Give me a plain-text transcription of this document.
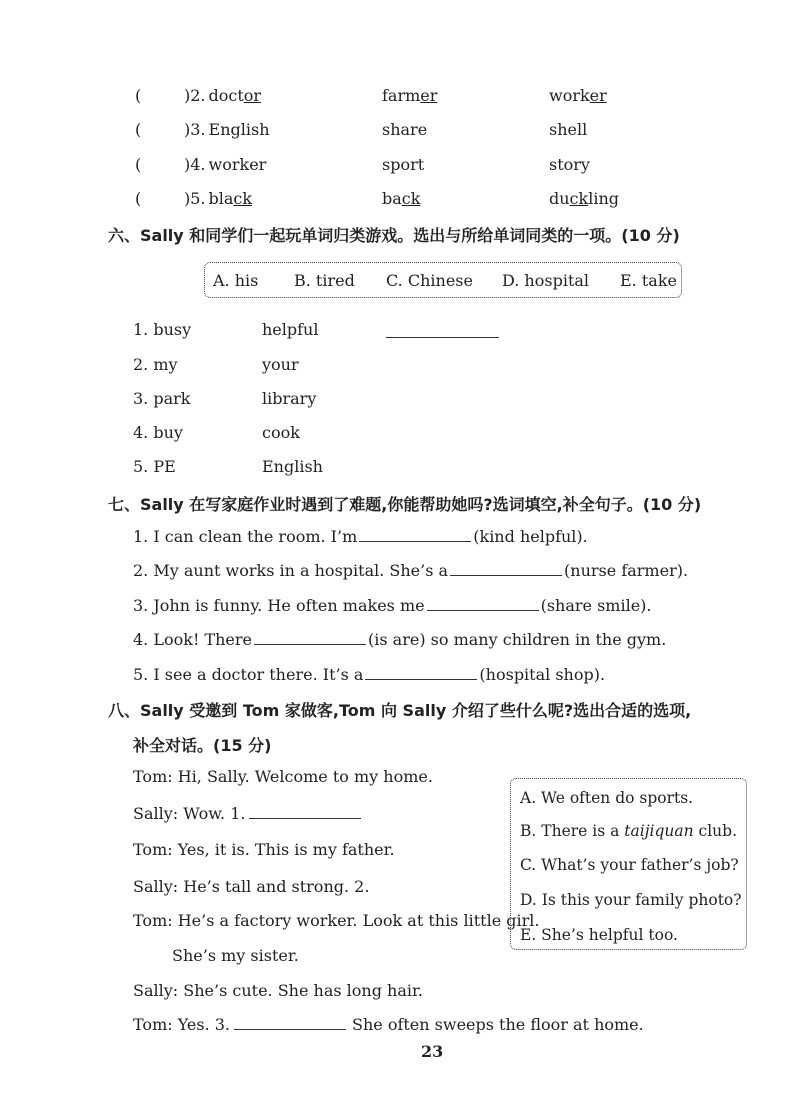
(	)2. doctor	farmer	worker
(	)3. English	share	shell
(	)4. worker	sport	story
(	)5. black	back	duckling
六、Sally 和同学们一起玩单词归类游戏。选出与所给单词同类的一项。(10 分)
A. his B. tired C. Chinese D. hospital E. take
1. busy	helpful
2. my	your
3. park	library
4. buy	cook
5. PE	English
七、Sally 在写家庭作业时遇到了难题,你能帮助她吗?选词填空,补全句子。(10 分)
1. I can clean the room. I’m	(kind helpful).
2. My aunt works in a hospital. She’s a	(nurse farmer).
3. John is funny. He often makes me	(share smile).
4. Look! There	(is are) so many children in the gym.
5. I see a doctor there. It’s a	(hospital shop).
八、Sally 受邀到 Tom 家做客,Tom 向 Sally 介绍了些什么呢?选出合适的选项,
补全对话。(15 分)
Tom: Hi, Sally. Welcome to my home.
Sally: Wow. 1.
Tom: Yes, it is. This is my father.
Sally: He’s tall and strong. 2.
Tom: He’s a factory worker. Look at this little girl.
She’s my sister.
Sally: She’s cute. She has long hair.
Tom: Yes. 3.	She often sweeps the floor at home.
A. We often do sports.
B. There is a taijiquan club.
C. What’s your father’s job?
D. Is this your family photo?
E. She’s helpful too.
23
